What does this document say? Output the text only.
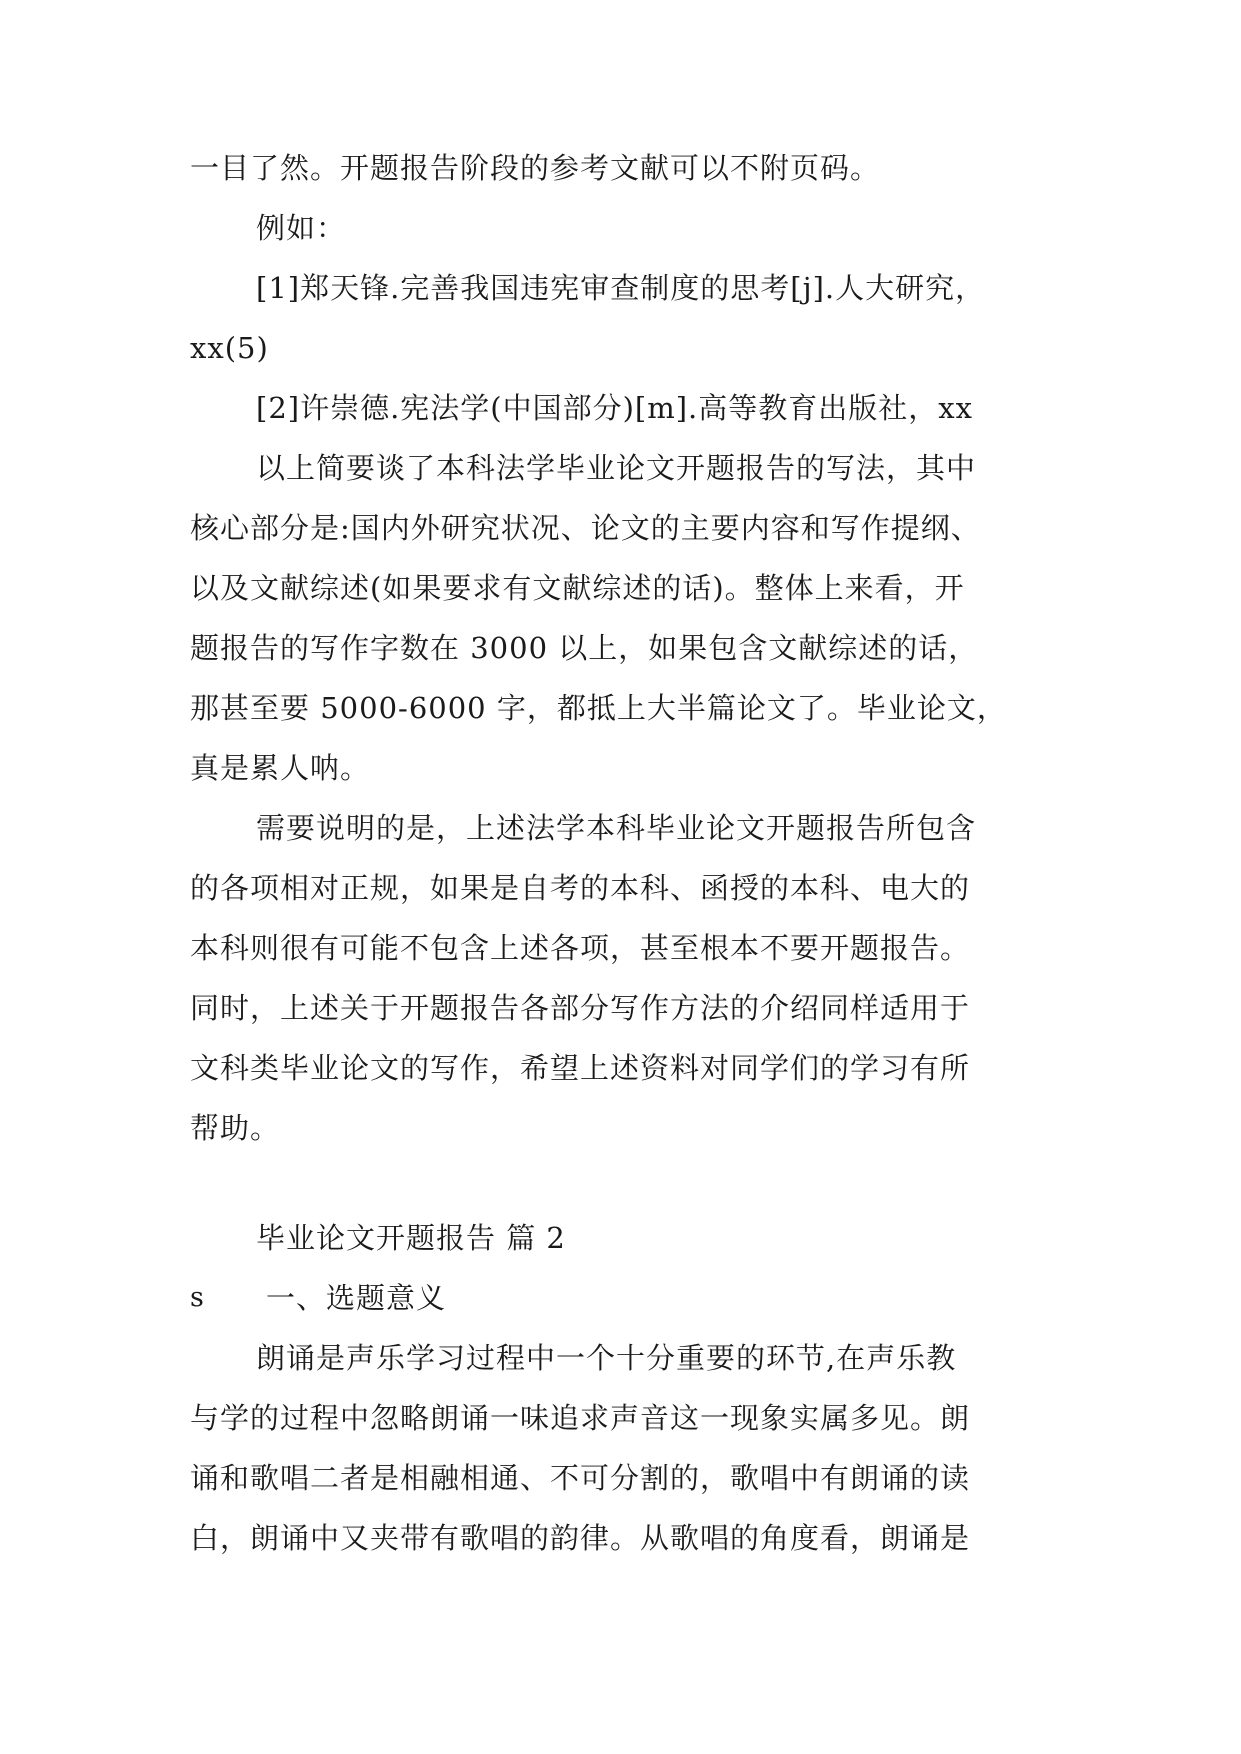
一目了然。开题报告阶段的参考文献可以不附页码。
例如：
[1]郑天锋.完善我国违宪审查制度的思考[j].人大研究，
xx(5)
[2]许崇德.宪法学(中国部分)[m].高等教育出版社，xx
以上简要谈了本科法学毕业论文开题报告的写法，其中
核心部分是:国内外研究状况、论文的主要内容和写作提纲、
以及文献综述(如果要求有文献综述的话)。整体上来看，开
题报告的写作字数在 3000 以上，如果包含文献综述的话，
那甚至要 5000-6000 字，都抵上大半篇论文了。毕业论文，
真是累人呐。
需要说明的是，上述法学本科毕业论文开题报告所包含
的各项相对正规，如果是自考的本科、函授的本科、电大的
本科则很有可能不包含上述各项，甚至根本不要开题报告。
同时，上述关于开题报告各部分写作方法的介绍同样适用于
文科类毕业论文的写作，希望上述资料对同学们的学习有所
帮助。
毕业论文开题报告 篇 2
s 一、选题意义
朗诵是声乐学习过程中一个十分重要的环节,在声乐教
与学的过程中忽略朗诵一味追求声音这一现象实属多见。朗
诵和歌唱二者是相融相通、不可分割的，歌唱中有朗诵的读
白，朗诵中又夹带有歌唱的韵律。从歌唱的角度看，朗诵是
